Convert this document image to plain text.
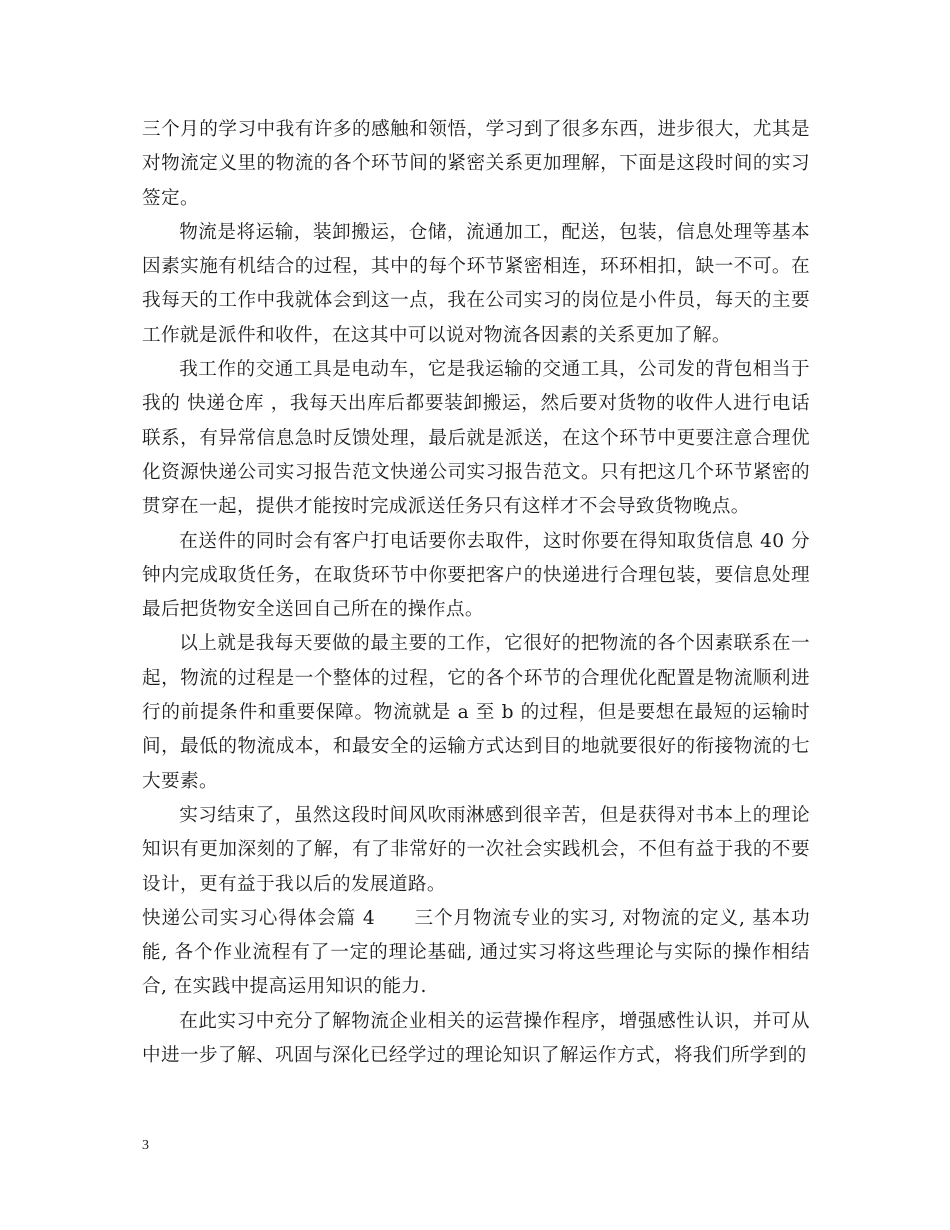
三个月的学习中我有许多的感触和领悟，学习到了很多东西，进步很大，尤其是对物流定义里的物流的各个环节间的紧密关系更加理解，下面是这段时间的实习签定。

物流是将运输，装卸搬运，仓储，流通加工，配送，包装，信息处理等基本因素实施有机结合的过程，其中的每个环节紧密相连，环环相扣，缺一不可。在我每天的工作中我就体会到这一点，我在公司实习的岗位是小件员，每天的主要工作就是派件和收件，在这其中可以说对物流各因素的关系更加了解。

我工作的交通工具是电动车，它是我运输的交通工具，公司发的背包相当于我的 快递仓库 ，我每天出库后都要装卸搬运，然后要对货物的收件人进行电话联系，有异常信息急时反馈处理，最后就是派送，在这个环节中更要注意合理优化资源快递公司实习报告范文快递公司实习报告范文。只有把这几个环节紧密的贯穿在一起，提供才能按时完成派送任务只有这样才不会导致货物晚点。

在送件的同时会有客户打电话要你去取件，这时你要在得知取货信息 40 分钟内完成取货任务，在取货环节中你要把客户的快递进行合理包装，要信息处理最后把货物安全送回自己所在的操作点。

以上就是我每天要做的最主要的工作，它很好的把物流的各个因素联系在一起，物流的过程是一个整体的过程，它的各个环节的合理优化配置是物流顺利进行的前提条件和重要保障。物流就是 a 至 b 的过程，但是要想在最短的运输时间，最低的物流成本，和最安全的运输方式达到目的地就要很好的衔接物流的七大要素。

实习结束了，虽然这段时间风吹雨淋感到很辛苦，但是获得对书本上的理论知识有更加深刻的了解，有了非常好的一次社会实践机会，不但有益于我的不要设计，更有益于我以后的发展道路。

快递公司实习心得体会篇 4　　三个月物流专业的实习, 对物流的定义, 基本功能, 各个作业流程有了一定的理论基础, 通过实习将这些理论与实际的操作相结合, 在实践中提高运用知识的能力.

在此实习中充分了解物流企业相关的运营操作程序，增强感性认识，并可从中进一步了解、巩固与深化已经学过的理论知识了解运作方式，将我们所学到的

3
